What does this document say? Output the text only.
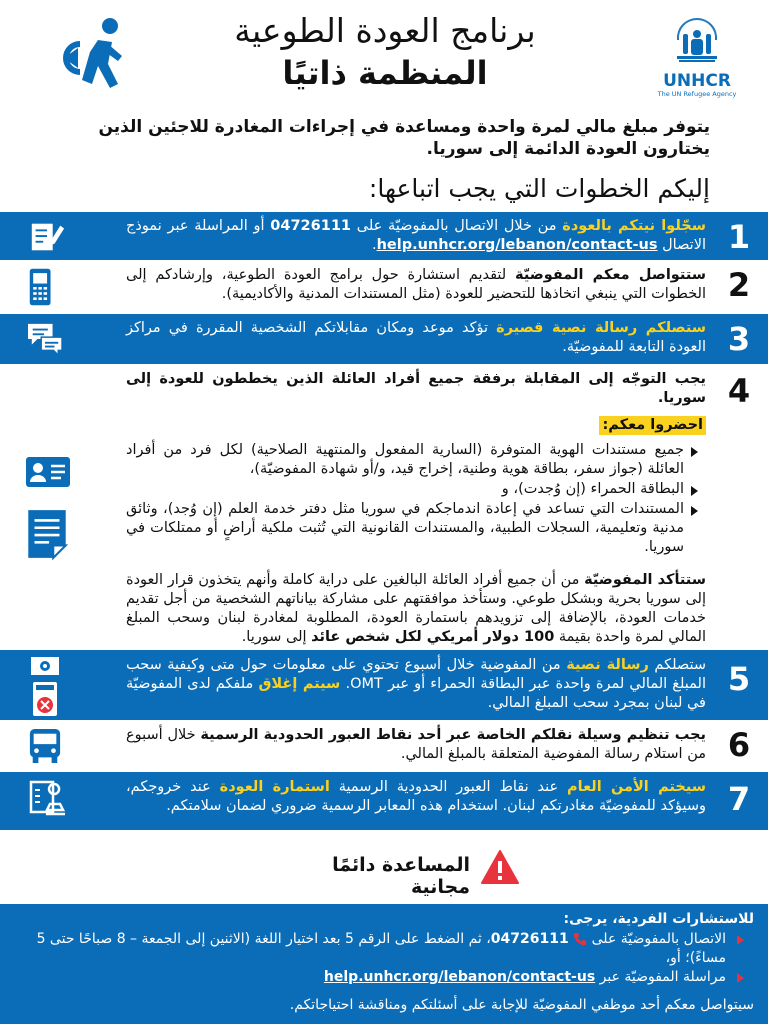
UNHCR
The UN Refugee Agency
برنامج العودة الطوعية
المنظمة ذاتيًا
يتوفر مبلغ مالي لمرة واحدة ومساعدة في إجراءات المغادرة للاجئين الذين يختارون العودة الدائمة إلى سوريا.
إليكم الخطوات التي يجب اتباعها:
1
سجّلوا نيتكم بالعودة من خلال الاتصال بالمفوضيّة على 04726111 أو المراسلة عبر نموذج الاتصال help.unhcr.org/lebanon/contact-us.
2
ستتواصل معكم المفوضيّة لتقديم استشارة حول برامج العودة الطوعية، وإرشادكم إلى الخطوات التي ينبغي اتخاذها للتحضير للعودة (مثل المستندات المدنية والأكاديمية).
3
ستصلكم رسالة نصية قصيرة تؤكد موعد ومكان مقابلاتكم الشخصية المقررة في مراكز العودة التابعة للمفوضيّة.
4
يجب التوجّه إلى المقابلة برفقة جميع أفراد العائلة الذين يخططون للعودة إلى سوريا.
احضروا معكم:
جميع مستندات الهوية المتوفرة (السارية المفعول والمنتهية الصلاحية) لكل فرد من أفراد العائلة (جواز سفر، بطاقة هوية وطنية، إخراج قيد، و/أو شهادة المفوضيّة)،
البطاقة الحمراء (إن وُجدت)، و
المستندات التي تساعد في إعادة اندماجكم في سوريا مثل دفتر خدمة العلم (إن وُجد)، وثائق مدنية وتعليمية، السجلات الطبية، والمستندات القانونية التي تُثبت ملكية أراضٍ أو ممتلكات في سوريا.
ستتأكد المفوضيّة من أن جميع أفراد العائلة البالغين على دراية كاملة وأنهم يتخذون قرار العودة إلى سوريا بحرية وبشكل طوعي. وستأخذ موافقتهم على مشاركة بياناتهم الشخصية من أجل تقديم خدمات العودة، بالإضافة إلى تزويدهم باستمارة العودة، المطلوبة لمغادرة لبنان وسحب المبلغ المالي لمرة واحدة بقيمة 100 دولار أمريكي لكل شخص عائد إلى سوريا.
5
ستصلكم رسالة نصية من المفوضية خلال أسبوع تحتوي على معلومات حول متى وكيفية سحب المبلغ المالي لمرة واحدة عبر البطاقة الحمراء أو عبر OMT. سيتم إغلاق ملفكم لدى المفوضيّة في لبنان بمجرد سحب المبلغ المالي.
6
يجب تنظيم وسيلة نقلكم الخاصة عبر أحد نقاط العبور الحدودية الرسمية خلال أسبوع من استلام رسالة المفوضية المتعلقة بالمبلغ المالي.
7
سيختم الأمن العام عند نقاط العبور الحدودية الرسمية استمارة العودة عند خروجكم، وسيؤكد للمفوضيّة مغادرتكم لبنان. استخدام هذه المعابر الرسمية ضروري لضمان سلامتكم.
المساعدة دائمًا مجانية
للاستشارات الفردية، يرجى:
الاتصال بالمفوضيّة على  04726111، ثم الضغط على الرقم 5 بعد اختيار اللغة (الاثنين إلى الجمعة – 8 صباحًا حتى 5 مساءً)؛ أو،
مراسلة المفوضيّة عبر help.unhcr.org/lebanon/contact-us
سيتواصل معكم أحد موظفي المفوضيّة للإجابة على أسئلتكم ومناقشة احتياجاتكم.
